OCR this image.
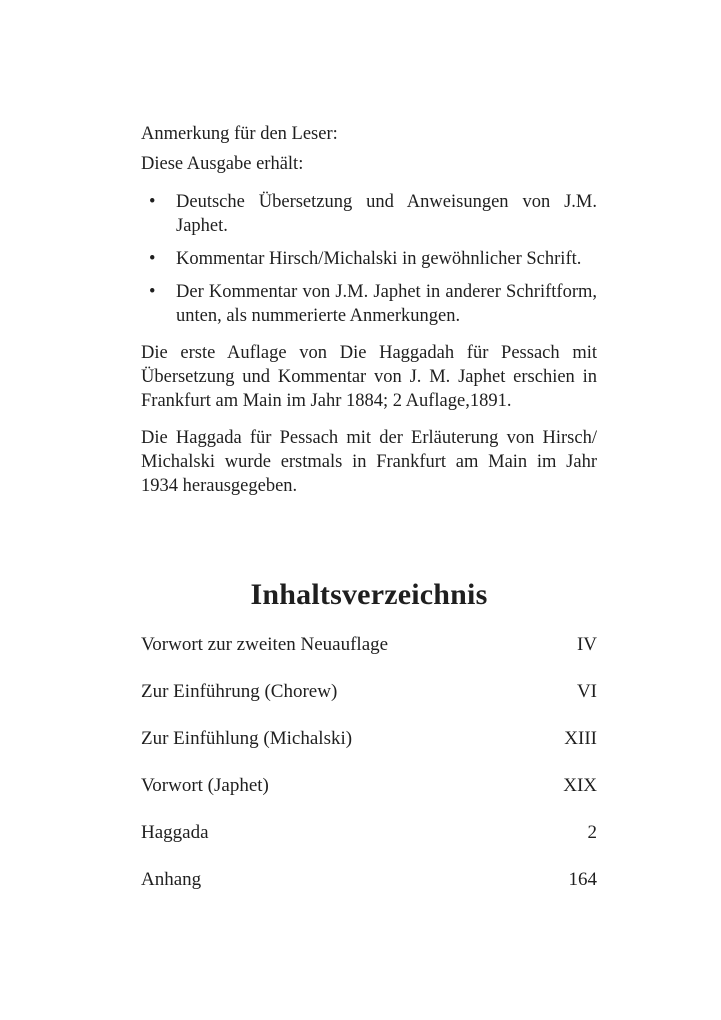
Anmerkung für den Leser:

Diese Ausgabe erhält:

• Deutsche Übersetzung und Anweisungen von J.M.
Japhet.
• Kommentar Hirsch/Michalski in gewöhnlicher Schrift.
• Der Kommentar von J.M. Japhet in anderer Schriftform,
unten, als nummerierte Anmerkungen.
Die erste Auflage von Die Haggadah für Pessach mit
Übersetzung und Kommentar von J. M. Japhet erschien in
Frankfurt am Main im Jahr 1884; 2 Auflage,1891.
Die Haggada für Pessach mit der Erläuterung von Hirsch/
Michalski wurde erstmals in Frankfurt am Main im Jahr
1934 herausgegeben.
Inhaltsverzeichnis
Vorwort zur zweiten Neuauflage	IV
Zur Einführung (Chorew)	VI
Zur Einfühlung (Michalski)	XIII
Vorwort (Japhet)	XIX
Haggada	2
Anhang	164
